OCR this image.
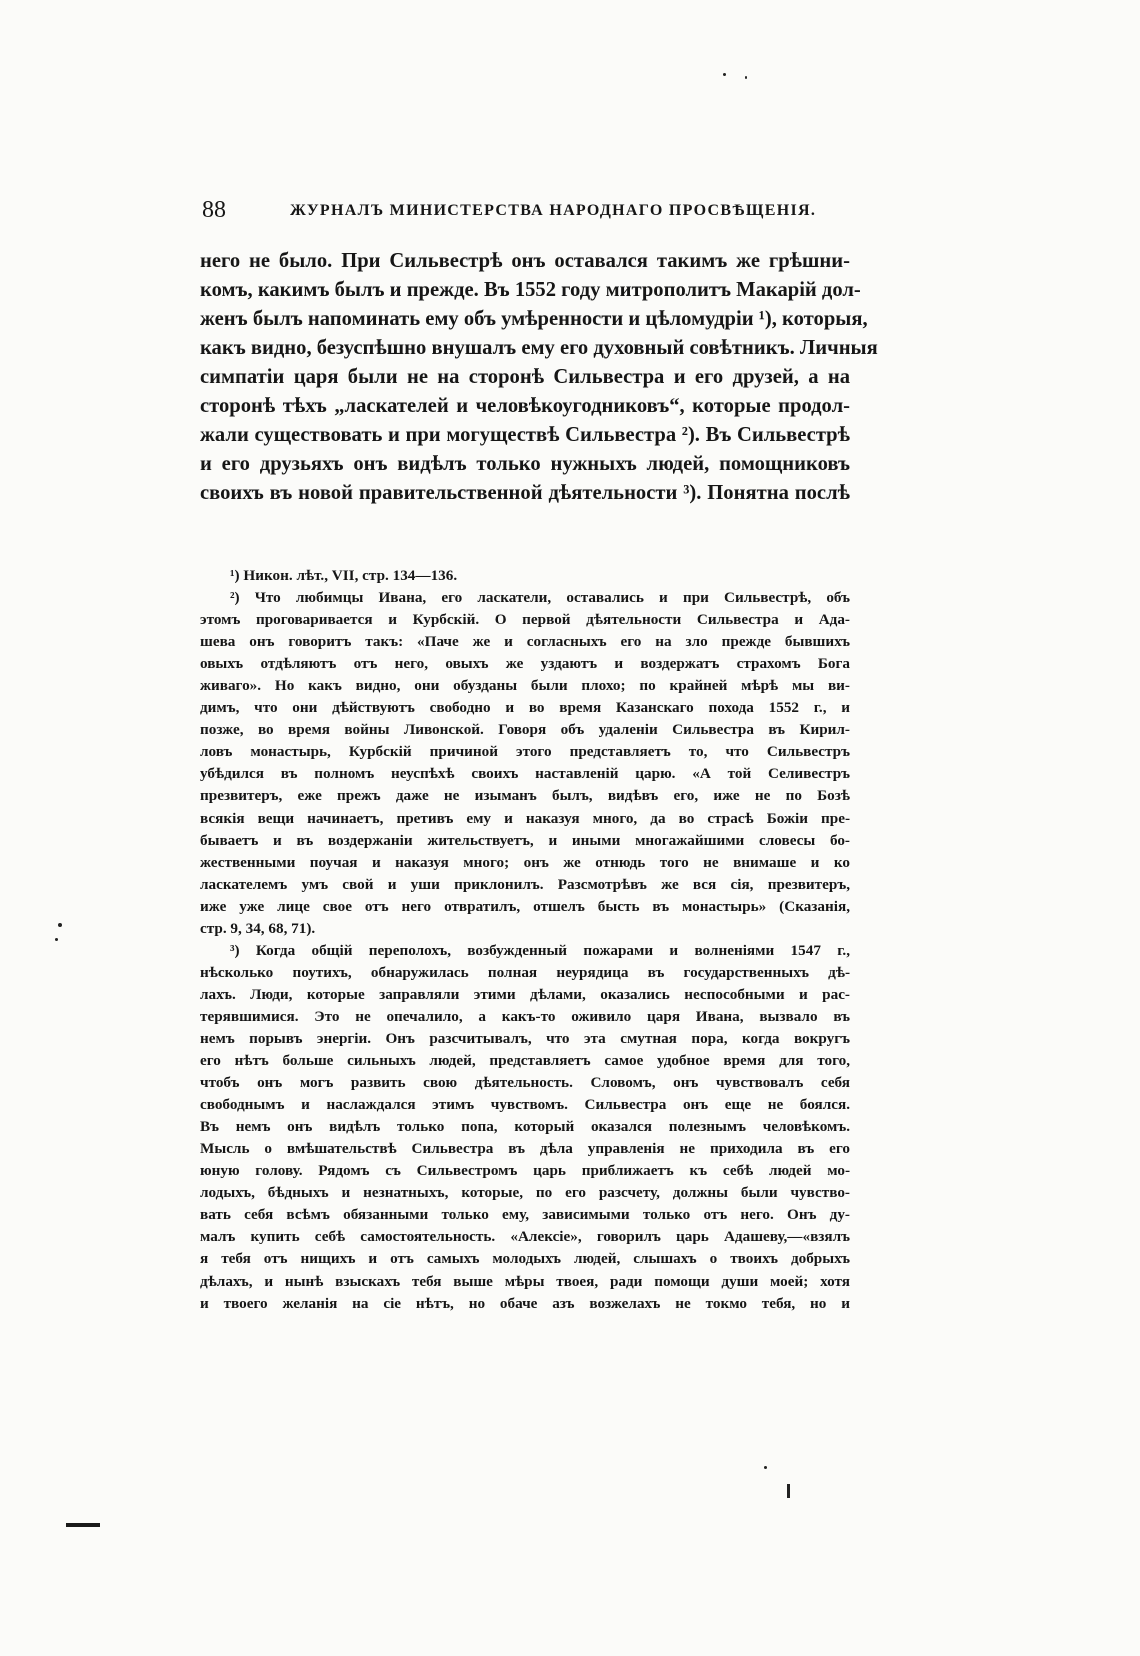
88	ЖУРНАЛЪ МИНИСТЕРСТВА НАРОДНАГО ПРОСВѢЩЕНІЯ.
него не было. При Сильвестрѣ онъ оставался такимъ же грѣшни-
комъ, какимъ былъ и прежде. Въ 1552 году митрополитъ Макарій дол-
женъ былъ напоминать ему объ умѣренности и цѣломудріи ¹), которыя,
какъ видно, безуспѣшно внушалъ ему его духовный совѣтникъ. Личныя
симпатіи царя были не на сторонѣ Сильвестра и его друзей, а на
сторонѣ тѣхъ „ласкателей и человѣкоугодниковъ“, которые продол-
жали существовать и при могуществѣ Сильвестра ²). Въ Сильвестрѣ
и его друзьяхъ онъ видѣлъ только нужныхъ людей, помощниковъ
своихъ въ новой правительственной дѣятельности ³). Понятна послѣ
¹) Никон. лѣт., VII, стр. 134—136.
²) Что любимцы Ивана, его ласкатели, оставались и при Сильвестрѣ, объ
этомъ проговаривается и Курбскій. О первой дѣятельности Сильвестра и Ада-
шева онъ говоритъ такъ: «Паче же и согласныхъ его на зло прежде бывшихъ
овыхъ отдѣляютъ отъ него, овыхъ же уздаютъ и воздержатъ страхомъ Бога
живаго». Но какъ видно, они обузданы были плохо; по крайней мѣрѣ мы ви-
димъ, что они дѣйствуютъ свободно и во время Казанскаго похода 1552 г., и
позже, во время войны Ливонской. Говоря объ удаленіи Сильвестра въ Кирил-
ловъ монастырь, Курбскій причиной этого представляетъ то, что Сильвестръ
убѣдился въ полномъ неуспѣхѣ своихъ наставленій царю. «А той Селивестръ
презвитеръ, еже прежъ даже не изыманъ былъ, видѣвъ его, иже не по Бозѣ
всякія вещи начинаетъ, претивъ ему и наказуя много, да во страсѣ Божіи пре-
бываетъ и въ воздержаніи жительствуетъ, и иными многажайшими словесы бо-
жественными поучая и наказуя много; онъ же отнюдь того не внимаше и ко
ласкателемъ умъ свой и уши приклонилъ. Разсмотрѣвъ же вся сія, презвитеръ,
иже уже лице свое отъ него отвратилъ, отшелъ бысть въ монастырь» (Сказанія,
стр. 9, 34, 68, 71).
³) Когда общій переполохъ, возбужденный пожарами и волненіями 1547 г.,
нѣсколько поутихъ, обнаружилась полная неурядица въ государственныхъ дѣ-
лахъ. Люди, которые заправляли этими дѣлами, оказались неспособными и рас-
терявшимися. Это не опечалило, а какъ-то оживило царя Ивана, вызвало въ
немъ порывъ энергіи. Онъ разсчитывалъ, что эта смутная пора, когда вокругъ
его нѣтъ больше сильныхъ людей, представляетъ самое удобное время для того,
чтобъ онъ могъ развить свою дѣятельность. Словомъ, онъ чувствовалъ себя
свободнымъ и наслаждался этимъ чувствомъ. Сильвестра онъ еще не боялся.
Въ немъ онъ видѣлъ только попа, который оказался полезнымъ человѣкомъ.
Мысль о вмѣшательствѣ Сильвестра въ дѣла управленія не приходила въ его
юную голову. Рядомъ съ Сильвестромъ царь приближаетъ къ себѣ людей мо-
лодыхъ, бѣдныхъ и незнатныхъ, которые, по его разсчету, должны были чувство-
вать себя всѣмъ обязанными только ему, зависимыми только отъ него. Онъ ду-
малъ купить себѣ самостоятельность. «Алексіе», говорилъ царь Адашеву,—«взялъ
я тебя отъ нищихъ и отъ самыхъ молодыхъ людей, слышахъ о твоихъ добрыхъ
дѣлахъ, и нынѣ взыскахъ тебя выше мѣры твоея, ради помощи души моей; хотя
и твоего желанія на сіе нѣтъ, но обаче азъ возжелахъ не токмо тебя, но и
